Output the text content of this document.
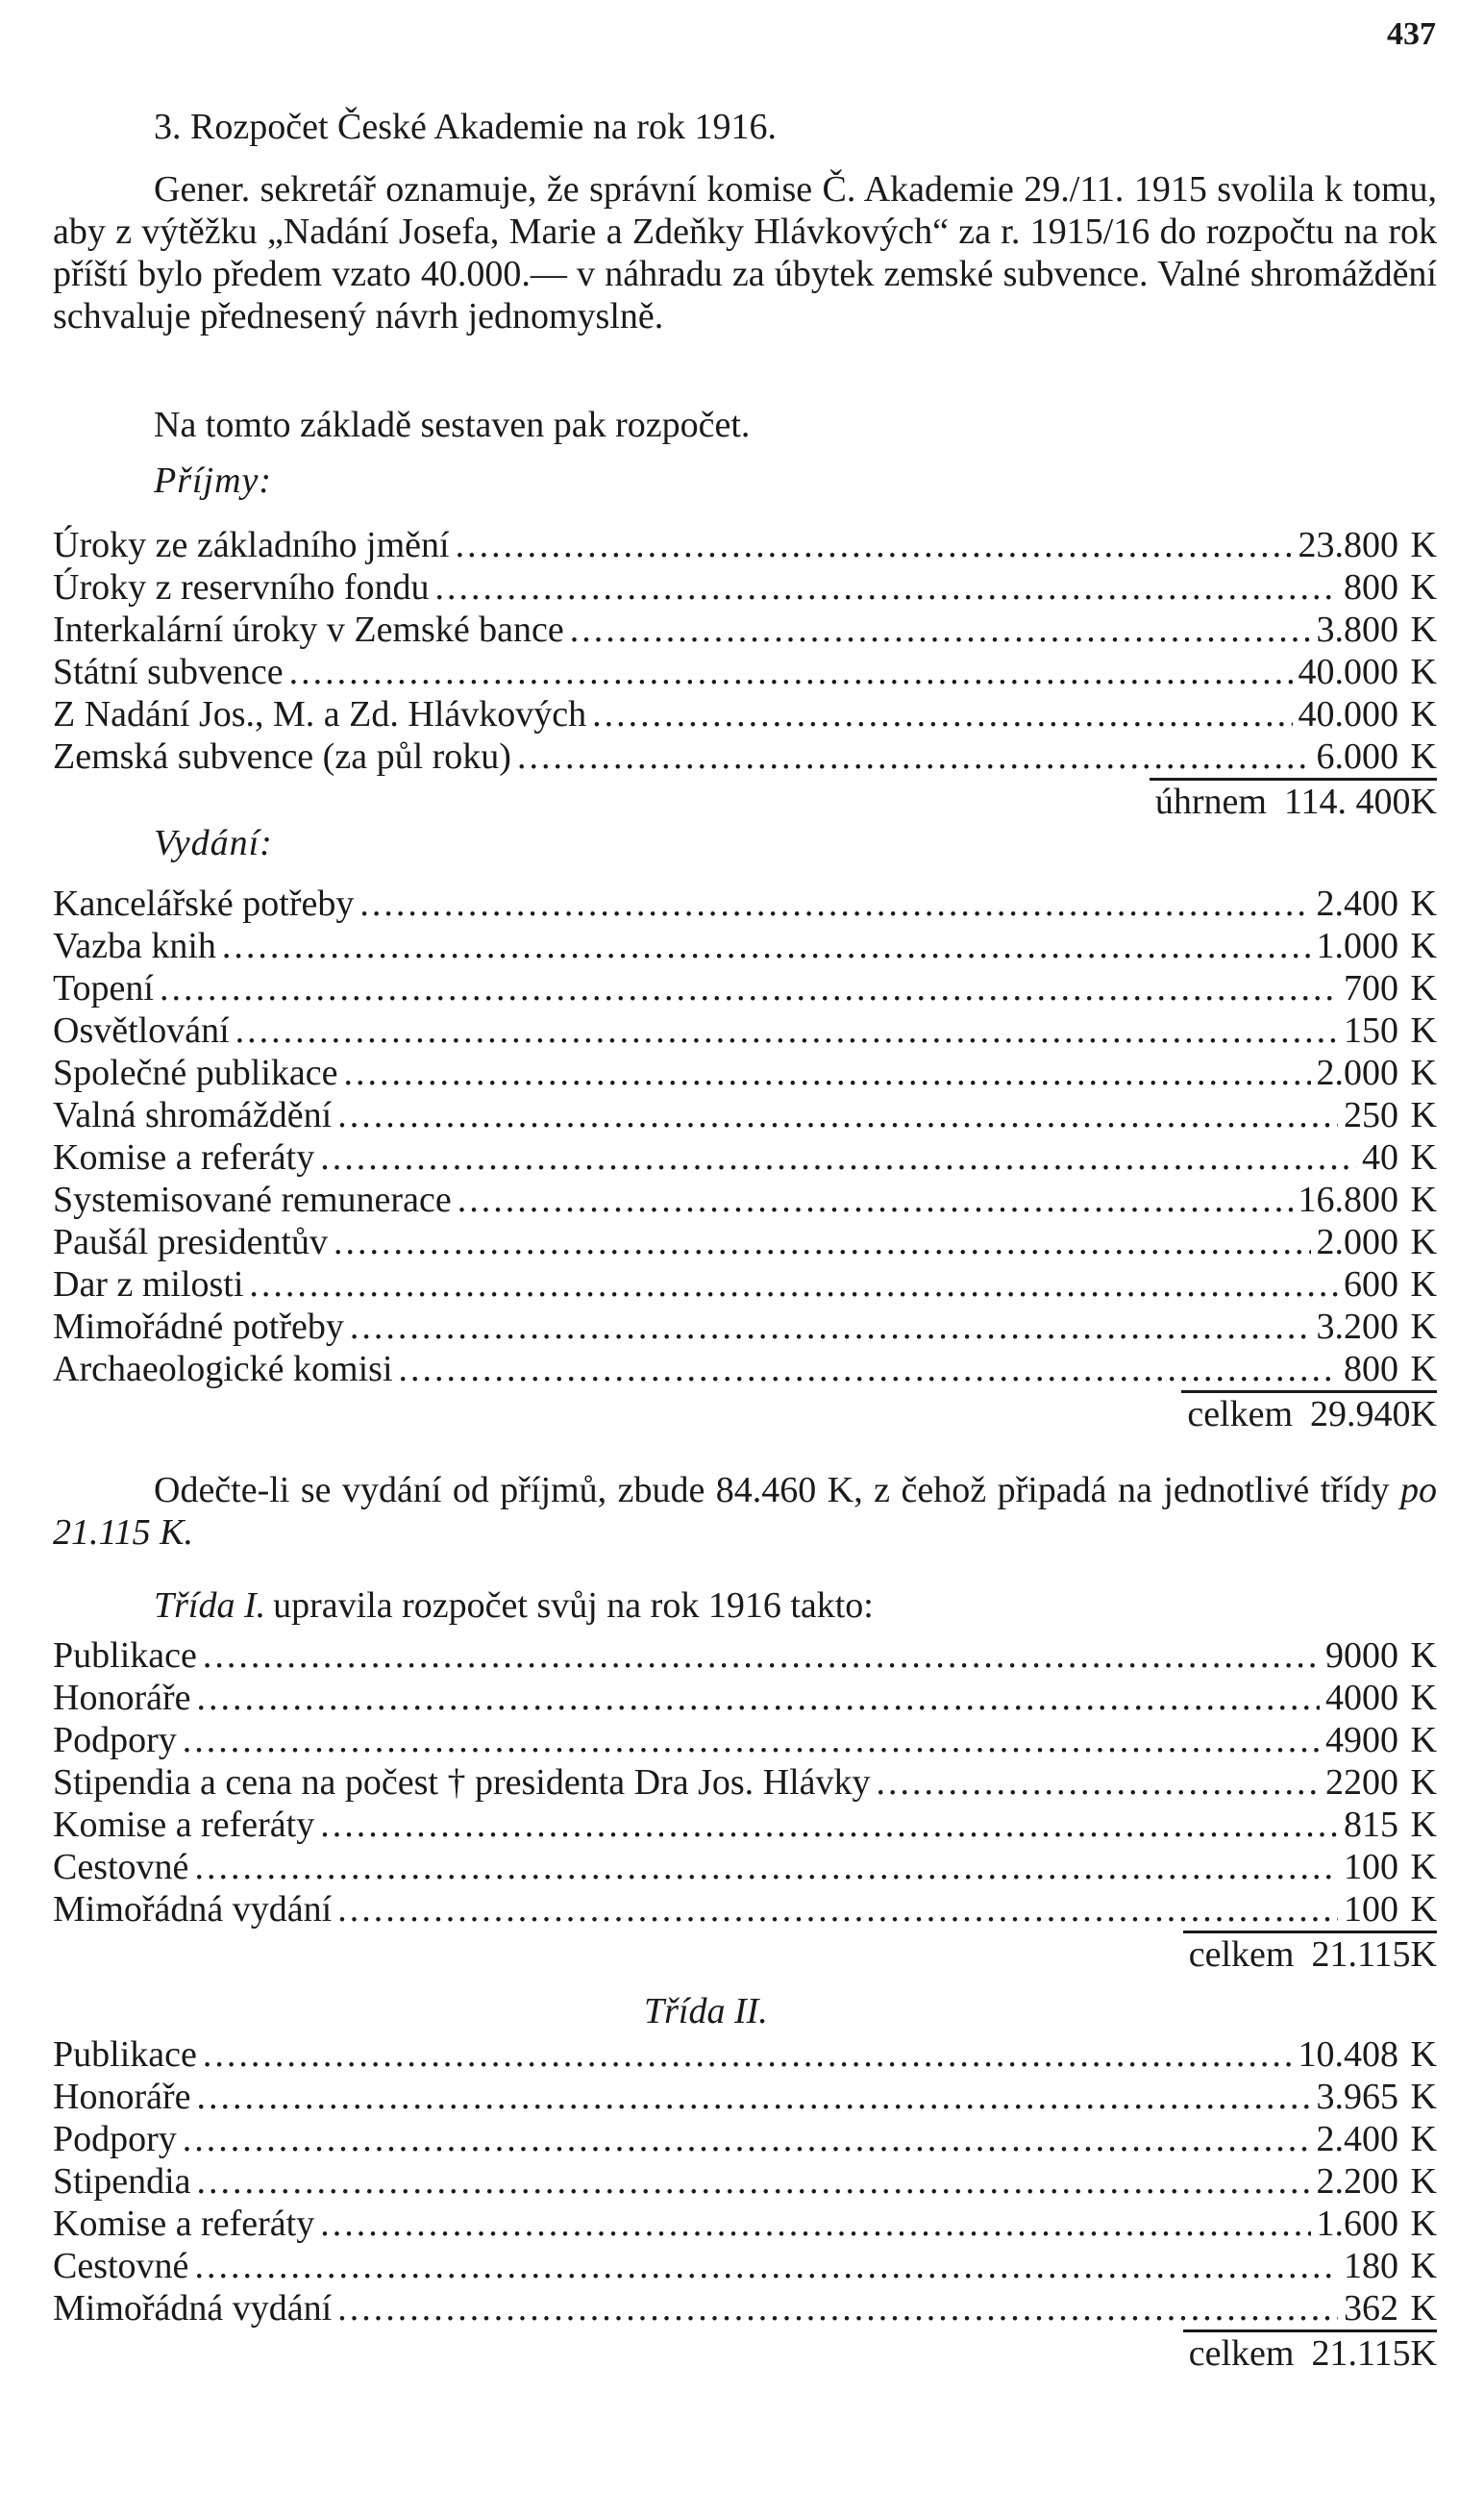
437
3. Rozpočet České Akademie na rok 1916.
Gener. sekretář oznamuje, že správní komise Č. Akademie 29./11. 1915 svolila k tomu, aby z výtěžku „Nadání Josefa, Marie a Zdeňky Hlávkových“ za r. 1915/16 do rozpočtu na rok příští bylo předem vzato 40.000.— v náhradu za úbytek zemské subvence. Valné shromáždění schvaluje přednesený návrh jednomyslně.
Na tomto základě sestaven pak rozpočet.
Příjmy:
Úroky ze základního jmění .....	23.800 K
Úroky z reservního fondu .....	800 K
Interkalární úroky v Zemské bance .....	3.800 K
Státní subvence .....	40.000 K
Z Nadání Jos., M. a Zd. Hlávkových .....	40.000 K
Zemská subvence (za půl roku) .....	6.000 K
úhrnem 114. 400 K
Vydání:
Kancelářské potřeby .....	2.400 K
Vazba knih .....	1.000 K
Topení .....	700 K
Osvětlování .....	150 K
Společné publikace .....	2.000 K
Valná shromáždění .....	250 K
Komise a referáty .....	40 K
Systemisované remunerace .....	16.800 K
Paušál presidentův .....	2.000 K
Dar z milosti .....	600 K
Mimořádné potřeby .....	3.200 K
Archaeologické komisi .....	800 K
celkem 29.940 K
Odečte-li se vydání od příjmů, zbude 84.460 K, z čehož připadá na jednotlivé třídy po 21.115 K.
Třída I. upravila rozpočet svůj na rok 1916 takto:
Publikace .....	9000 K
Honoráře .....	4000 K
Podpory .....	4900 K
Stipendia a cena na počest † presidenta Dra Jos. Hlávky .....	2200 K
Komise a referáty .....	815 K
Cestovné .....	100 K
Mimořádná vydání .....	100 K
celkem 21.115 K
Třída II.
Publikace .....	10.408 K
Honoráře .....	3.965 K
Podpory .....	2.400 K
Stipendia .....	2.200 K
Komise a referáty .....	1.600 K
Cestovné .....	180 K
Mimořádná vydání .....	362 K
celkem 21.115 K
